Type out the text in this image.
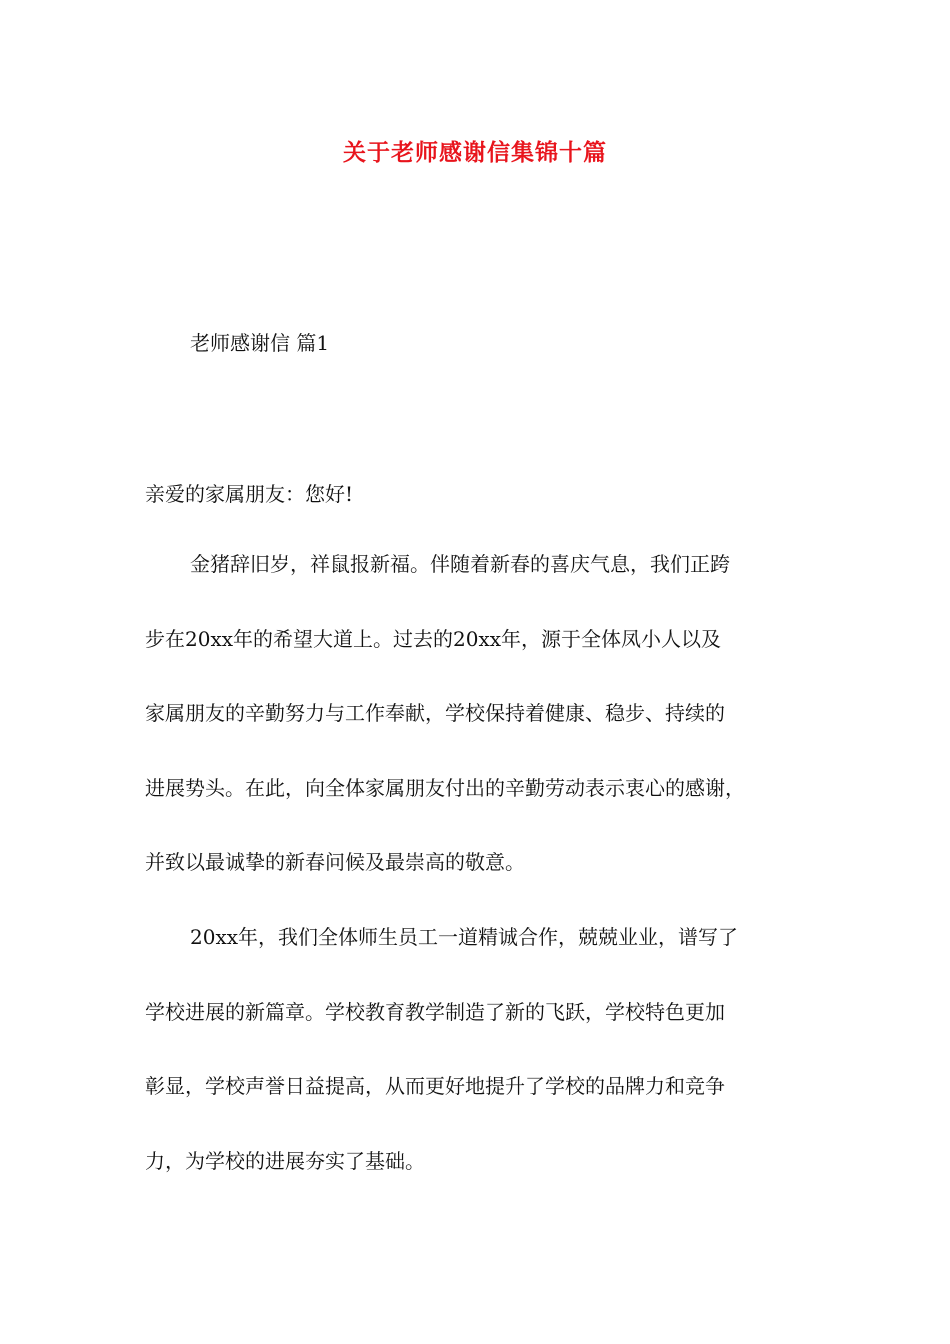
关于老师感谢信集锦十篇

老师感谢信 篇1

亲爱的家属朋友：您好!

金猪辞旧岁，祥鼠报新福。伴随着新春的喜庆气息，我们正跨
步在20xx年的希望大道上。过去的20xx年，源于全体凤小人以及
家属朋友的辛勤努力与工作奉献，学校保持着健康、稳步、持续的
进展势头。在此，向全体家属朋友付出的辛勤劳动表示衷心的感谢，
并致以最诚挚的新春问候及最崇高的敬意。
20xx年，我们全体师生员工一道精诚合作，兢兢业业，谱写了
学校进展的新篇章。学校教育教学制造了新的飞跃，学校特色更加
彰显，学校声誉日益提高，从而更好地提升了学校的品牌力和竞争
力，为学校的进展夯实了基础。
